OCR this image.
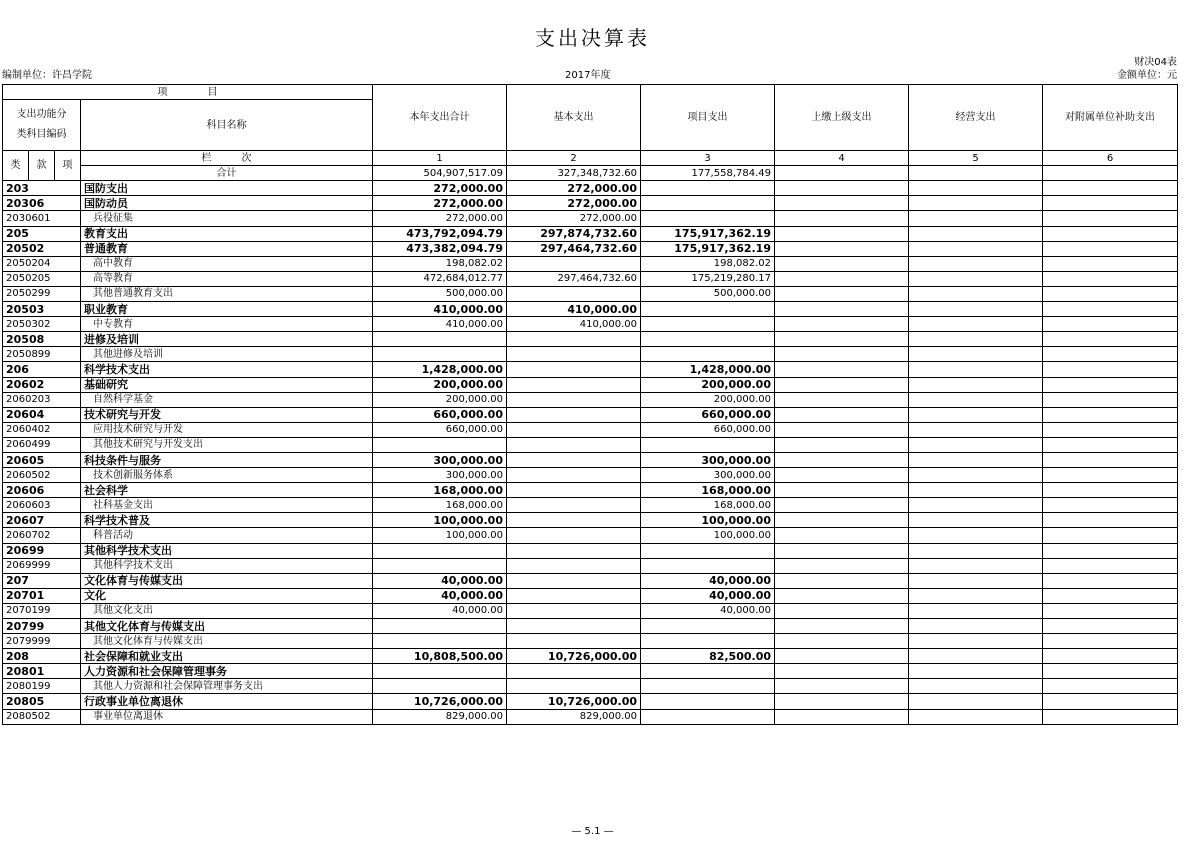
支出决算表
财决04表
编制单位：许昌学院	2017年度	金额单位：元
项　　　　目				本年支出合计	基本支出	项目支出	上缴上级支出	经营支出	对附属单位补助支出

支出功能分
类科目编码			科目名称						
类	款	项	栏　　　次	1	2	3	4	5	6
			合计	504,907,517.09	327,348,732.60	177,558,784.49			
203			国防支出	272,000.00	272,000.00				
20306			国防动员	272,000.00	272,000.00				
2030601			兵役征集	272,000.00	272,000.00				
205			教育支出	473,792,094.79	297,874,732.60	175,917,362.19			
20502			普通教育	473,382,094.79	297,464,732.60	175,917,362.19			
2050204			高中教育	198,082.02		198,082.02			
2050205			高等教育	472,684,012.77	297,464,732.60	175,219,280.17			
2050299			其他普通教育支出	500,000.00		500,000.00			
20503			职业教育	410,000.00	410,000.00				
2050302			中专教育	410,000.00	410,000.00				
20508			进修及培训						
2050899			其他进修及培训						
206			科学技术支出	1,428,000.00		1,428,000.00			
20602			基础研究	200,000.00		200,000.00			
2060203			自然科学基金	200,000.00		200,000.00			
20604			技术研究与开发	660,000.00		660,000.00			
2060402			应用技术研究与开发	660,000.00		660,000.00			
2060499			其他技术研究与开发支出						
20605			科技条件与服务	300,000.00		300,000.00			
2060502			技术创新服务体系	300,000.00		300,000.00			
20606			社会科学	168,000.00		168,000.00			
2060603			社科基金支出	168,000.00		168,000.00			
20607			科学技术普及	100,000.00		100,000.00			
2060702			科普活动	100,000.00		100,000.00			
20699			其他科学技术支出						
2069999			其他科学技术支出						
207			文化体育与传媒支出	40,000.00		40,000.00			
20701			文化	40,000.00		40,000.00			
2070199			其他文化支出	40,000.00		40,000.00			
20799			其他文化体育与传媒支出						
2079999			其他文化体育与传媒支出						
208			社会保障和就业支出	10,808,500.00	10,726,000.00	82,500.00			
20801			人力资源和社会保障管理事务						
2080199			其他人力资源和社会保障管理事务支出						
20805			行政事业单位离退休	10,726,000.00	10,726,000.00				
2080502			事业单位离退休	829,000.00	829,000.00				
— 5.1 —
